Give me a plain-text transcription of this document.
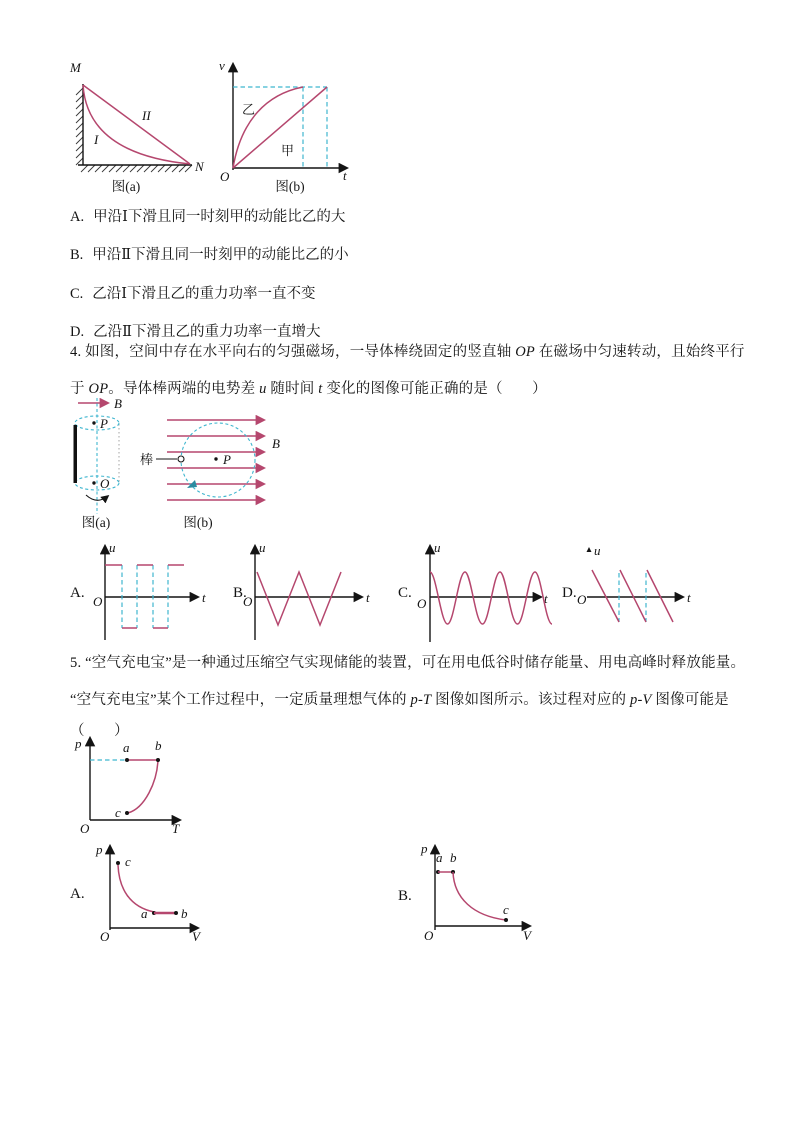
M
I
II
N
图(a)
v
O	t
乙
甲
图(b)
A. 甲沿Ⅰ下滑且同一时刻甲的动能比乙的大
B. 甲沿Ⅱ下滑且同一时刻甲的动能比乙的小
C. 乙沿Ⅰ下滑且乙的重力功率一直不变
D. 乙沿Ⅱ下滑且乙的重力功率一直增大
4. 如图，空间中存在水平向右的匀强磁场，一导体棒绕固定的竖直轴 OP 在磁场中匀速转动，且始终平行
于 OP。导体棒两端的电势差 u 随时间 t 变化的图像可能正确的是（　　）
B
P
O
图(a)
B
棒	P
图(b)
A.
u
O	t B.
u
O	t C.
u
O	t D.
u
O	t
5. “空气充电宝”是一种通过压缩空气实现储能的装置，可在用电低谷时储存能量、用电高峰时释放能量。
“空气充电宝”某个工作过程中，一定质量理想气体的 p-T 图像如图所示。该过程对应的 p-V 图像可能是
（　　）
p
O	T
a b
c
A.
p
O	V
c
a	b
B.
p
O	V
a b
c
